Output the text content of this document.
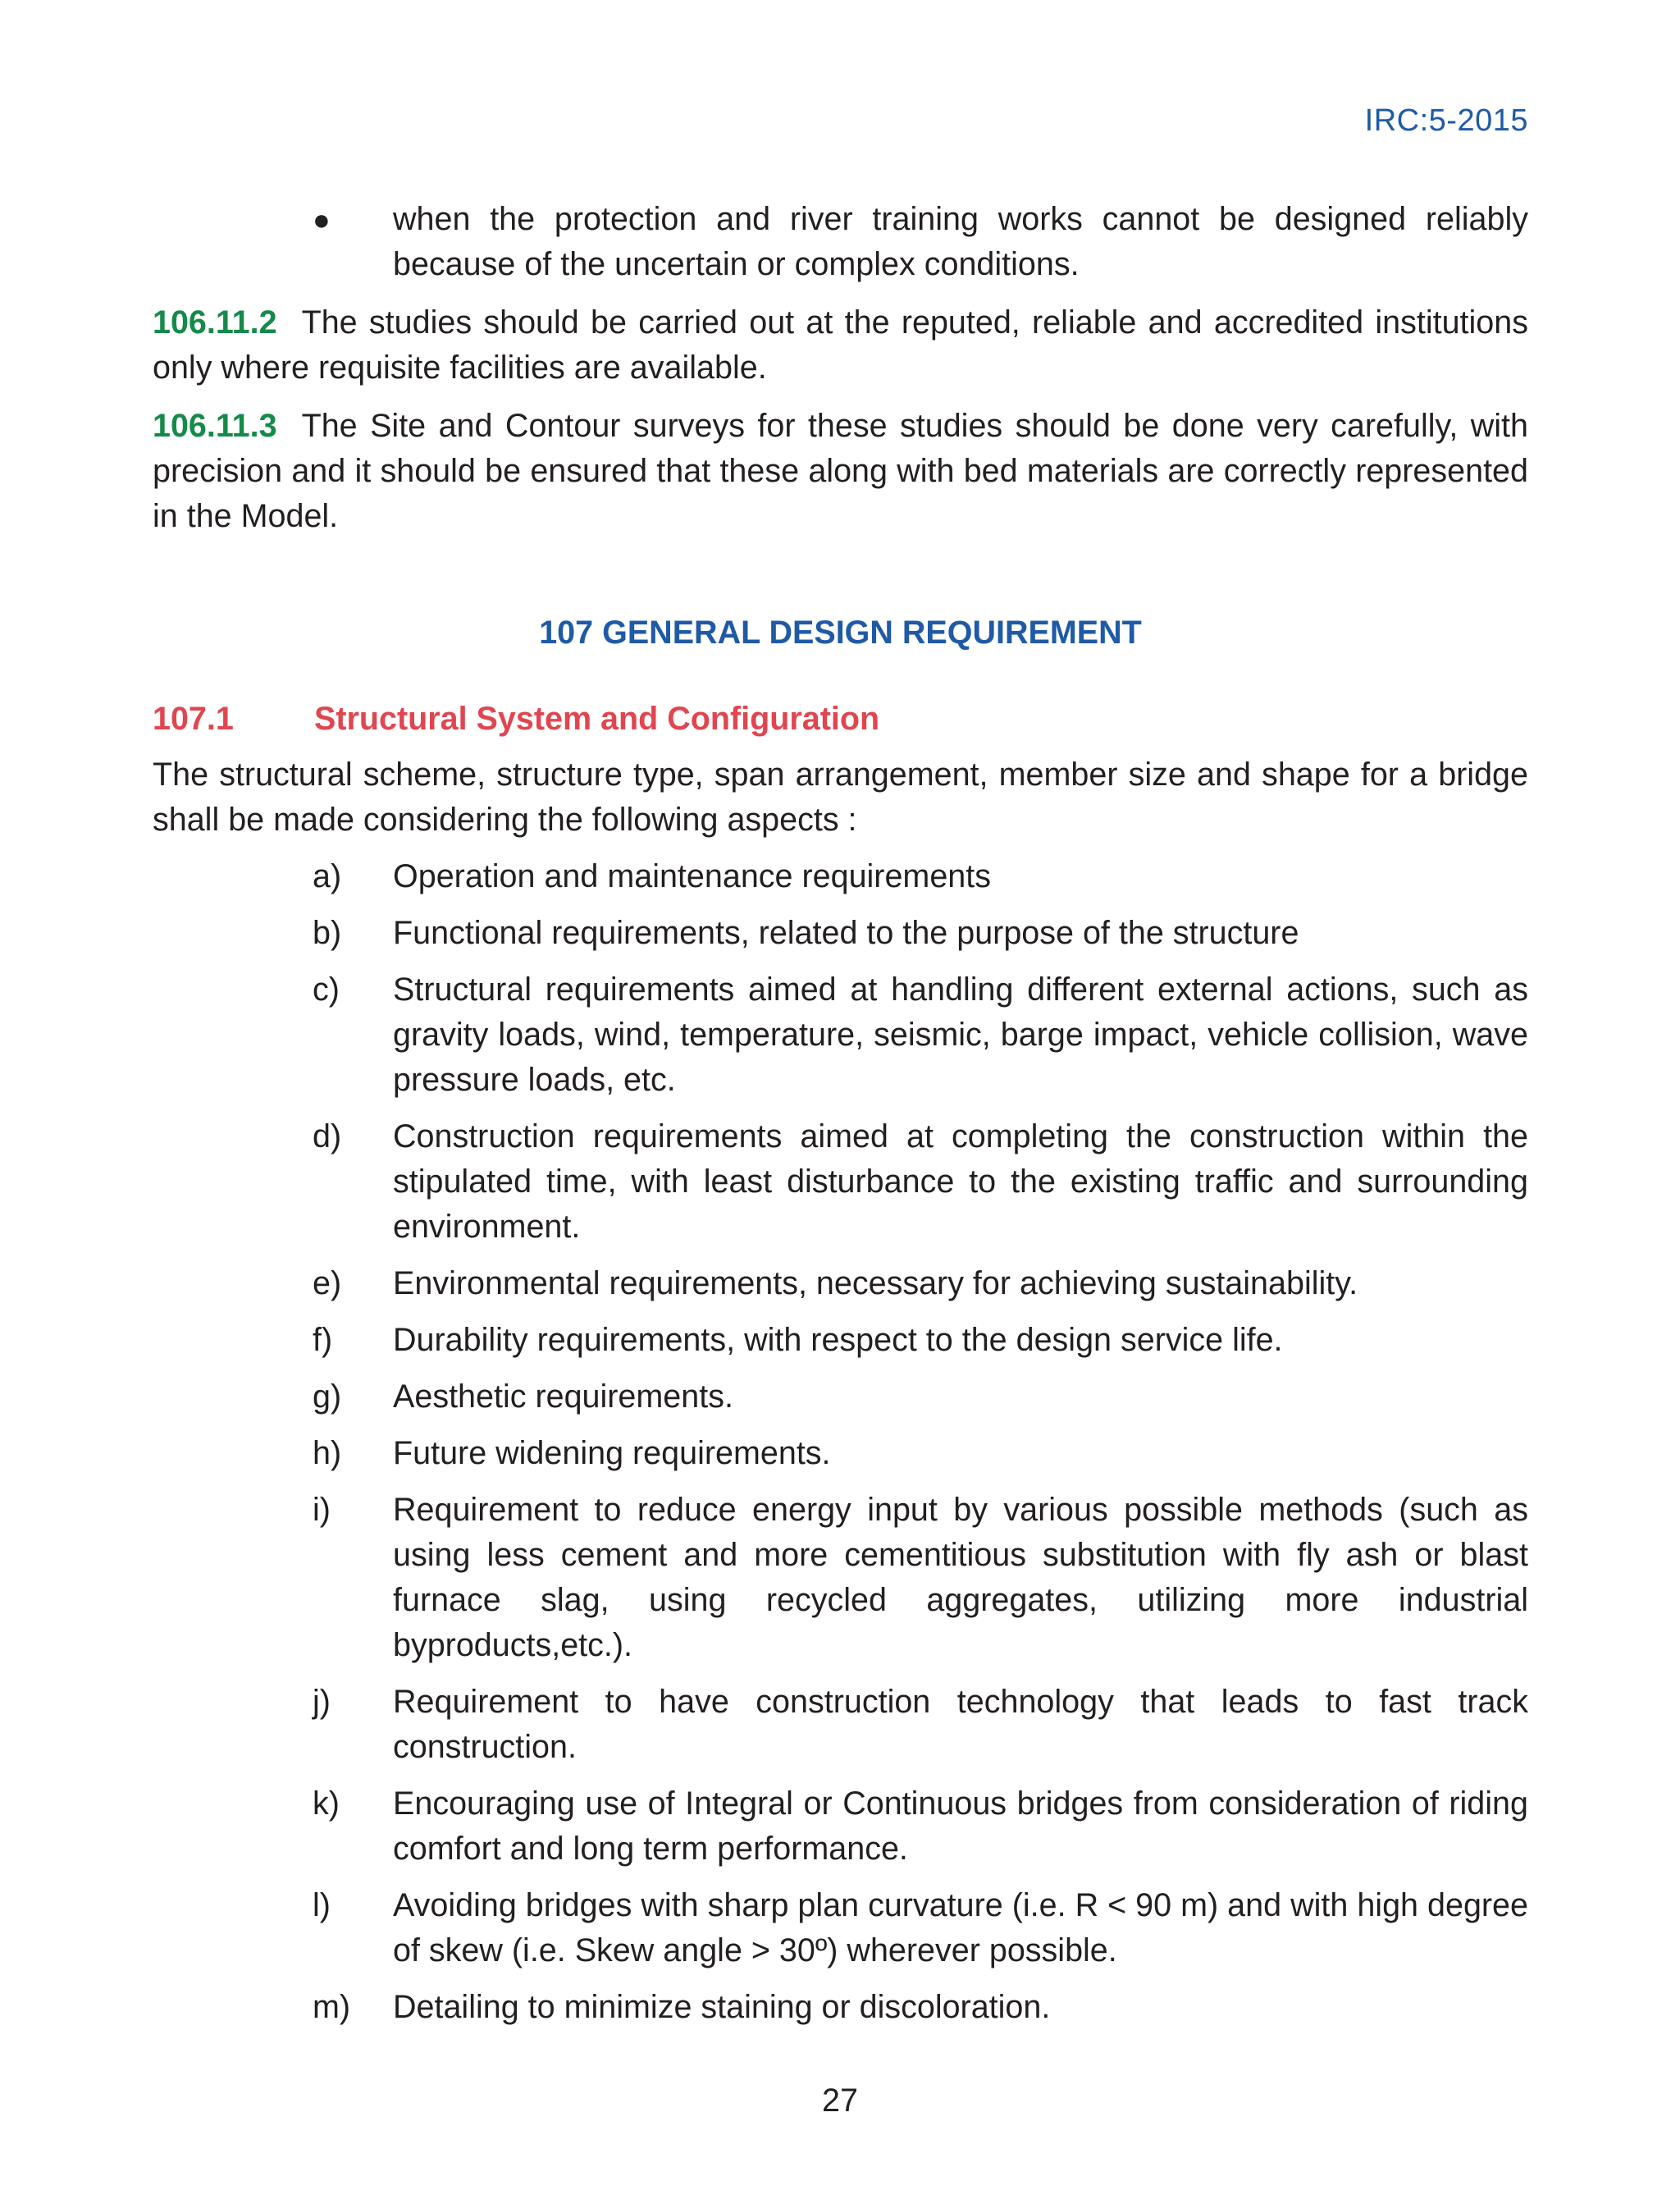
IRC:5-2015
●	when the protection and river training works cannot be designed reliably because of the uncertain or complex conditions.

106.11.2 The studies should be carried out at the reputed, reliable and accredited institutions only where requisite facilities are available.

106.11.3 The Site and Contour surveys for these studies should be done very carefully, with precision and it should be ensured that these along with bed materials are correctly represented in the Model.

107 GENERAL DESIGN REQUIREMENT
107.1	Structural System and Configuration

The structural scheme, structure type, span arrangement, member size and shape for a bridge shall be made considering the following aspects :

a)	Operation and maintenance requirements
b)	Functional requirements, related to the purpose of the structure
c)	Structural requirements aimed at handling different external actions, such as gravity loads, wind, temperature, seismic, barge impact, vehicle collision, wave pressure loads, etc.
d)	Construction requirements aimed at completing the construction within the stipulated time, with least disturbance to the existing traffic and surrounding environment.
e)	Environmental requirements, necessary for achieving sustainability.
f)	Durability requirements, with respect to the design service life.
g)	Aesthetic requirements.
h)	Future widening requirements.
i)	Requirement to reduce energy input by various possible methods (such as using less cement and more cementitious substitution with fly ash or blast furnace slag, using recycled aggregates, utilizing more industrial byproducts,etc.).
j)	Requirement to have construction technology that leads to fast track construction.
k)	Encouraging use of Integral or Continuous bridges from consideration of riding comfort and long term performance.
l)	Avoiding bridges with sharp plan curvature (i.e. R < 90 m) and with high degree of skew (i.e. Skew angle > 30º) wherever possible.
m)	Detailing to minimize staining or discoloration.
27
